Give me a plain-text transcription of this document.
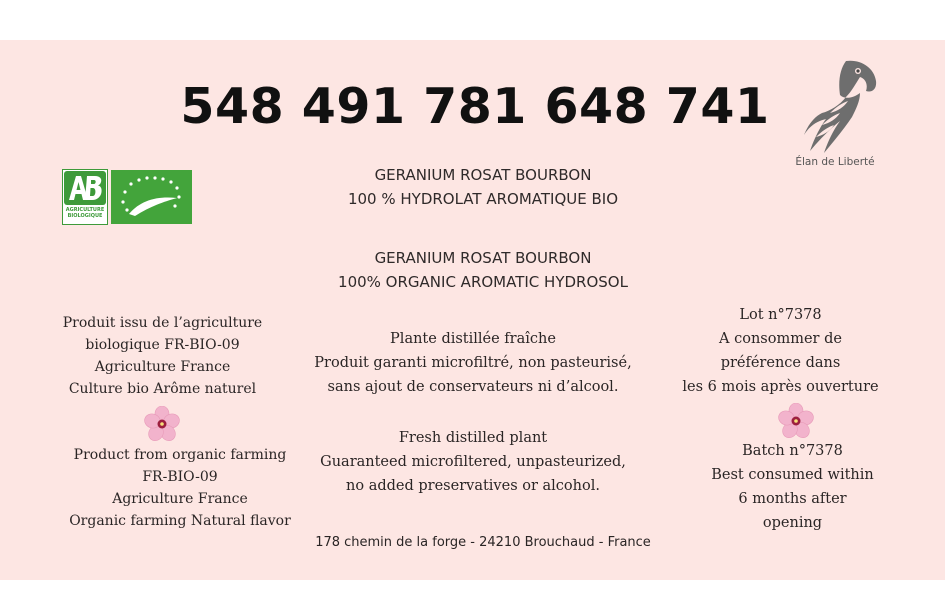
548 491 781 648 741
Élan de Liberté
AGRICULTURE
BIOLOGIQUE
GERANIUM ROSAT BOURBON
100 % HYDROLAT AROMATIQUE BIO
GERANIUM ROSAT BOURBON
100% ORGANIC AROMATIC HYDROSOL
Produit issu de l’agriculture
biologique FR-BIO-09
Agriculture France
Culture bio Arôme naturel
Product from organic farming
FR-BIO-09
Agriculture France
Organic farming Natural flavor
Plante distillée fraîche
Produit garanti microfiltré, non pasteurisé,
sans ajout de conservateurs ni d’alcool.
Fresh distilled plant
Guaranteed microfiltered, unpasteurized,
no added preservatives or alcohol.
178 chemin de la forge - 24210 Brouchaud - France
Lot n°7378
A consommer de
préférence dans
les 6 mois après ouverture
Batch n°7378
Best consumed within
6 months after
opening
